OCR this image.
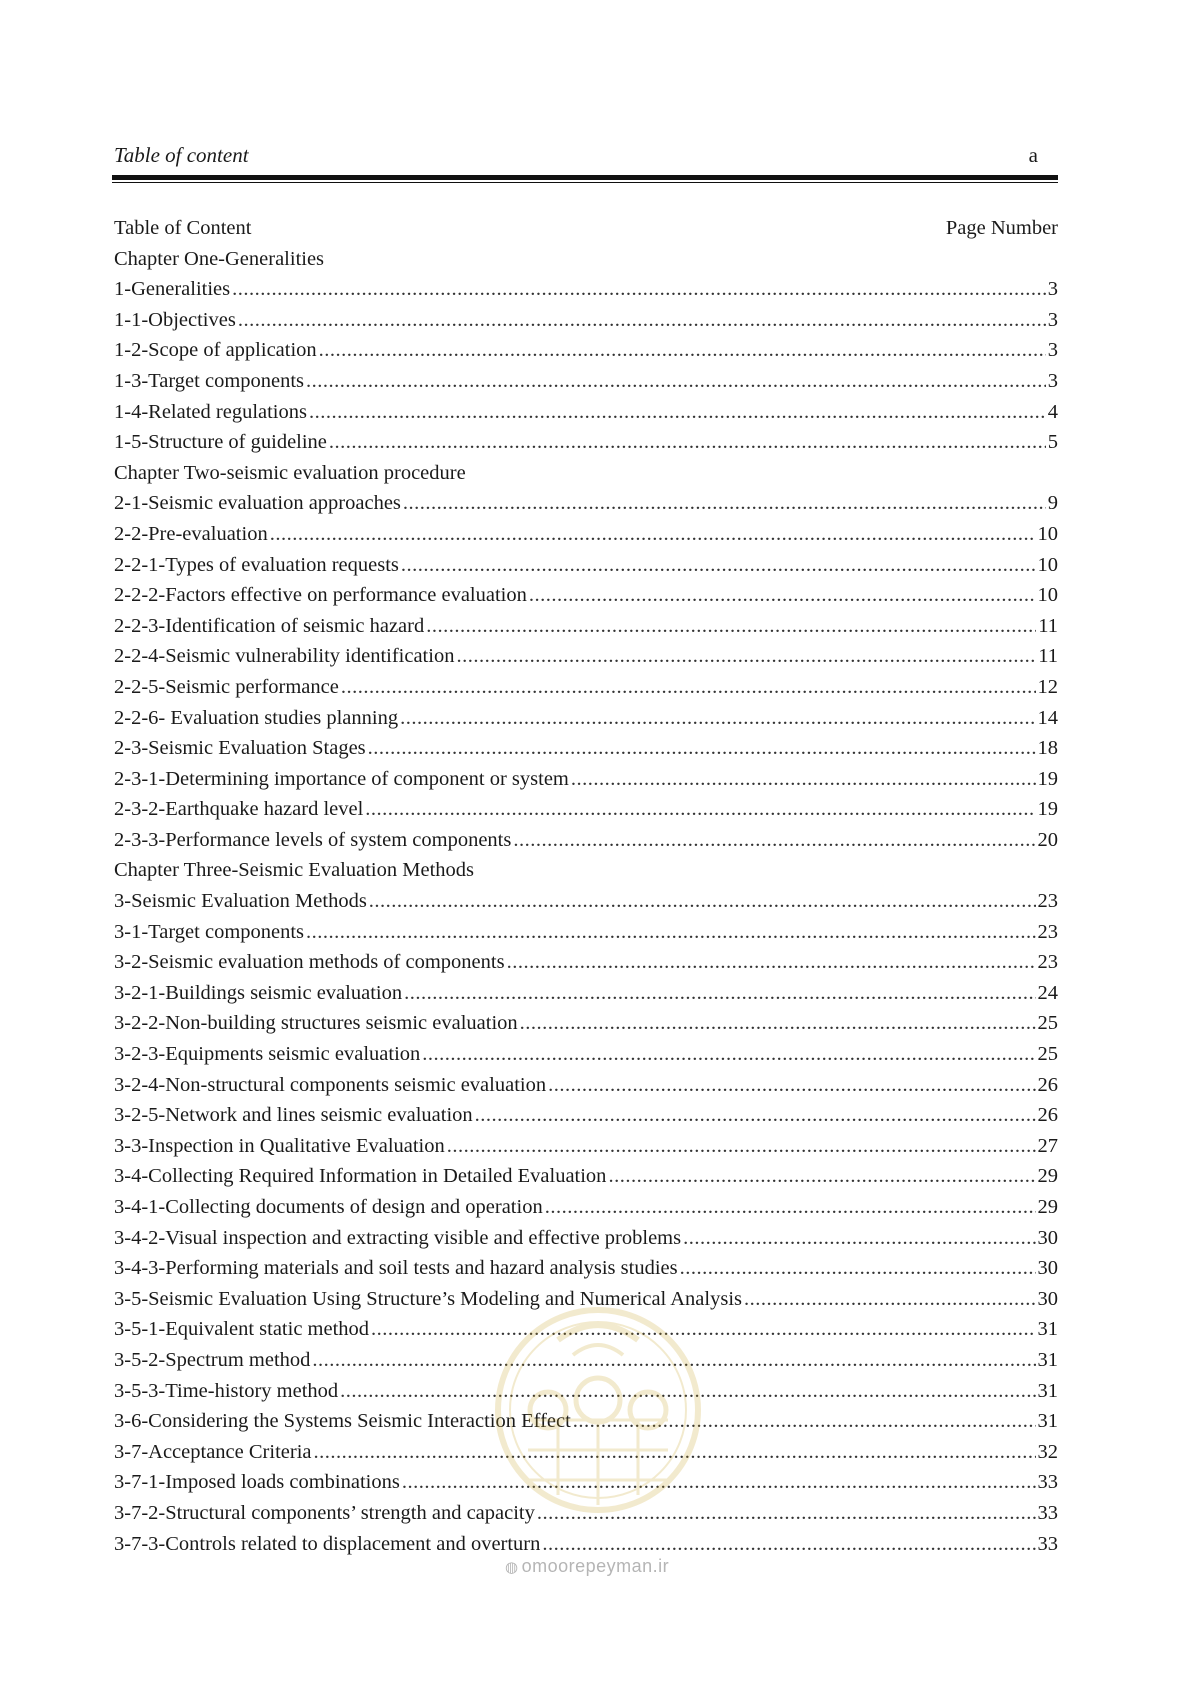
Table of content	a
Table of Content	Page Number
Chapter One-Generalities
1-Generalities .....	3
1-1-Objectives .....	3
1-2-Scope of application .....	3
1-3-Target components .....	3
1-4-Related regulations .....	4
1-5-Structure of guideline .....	5
Chapter Two-seismic evaluation procedure
2-1-Seismic evaluation approaches .....	9
2-2-Pre-evaluation .....	10
2-2-1-Types of evaluation requests .....	10
2-2-2-Factors effective on performance evaluation .....	10
2-2-3-Identification of seismic hazard .....	11
2-2-4-Seismic vulnerability identification .....	11
2-2-5-Seismic performance .....	12
2-2-6- Evaluation studies planning .....	14
2-3-Seismic Evaluation Stages .....	18
2-3-1-Determining importance of component or system .....	19
2-3-2-Earthquake hazard level .....	19
2-3-3-Performance levels of system components .....	20
Chapter Three-Seismic Evaluation Methods
3-Seismic Evaluation Methods .....	23
3-1-Target components .....	23
3-2-Seismic evaluation methods of components .....	23
3-2-1-Buildings seismic evaluation .....	24
3-2-2-Non-building structures seismic evaluation .....	25
3-2-3-Equipments seismic evaluation .....	25
3-2-4-Non-structural components seismic evaluation .....	26
3-2-5-Network and lines seismic evaluation .....	26
3-3-Inspection in Qualitative Evaluation .....	27
3-4-Collecting Required Information in Detailed Evaluation .....	29
3-4-1-Collecting documents of design and operation .....	29
3-4-2-Visual inspection and extracting visible and effective problems .....	30
3-4-3-Performing materials and soil tests and hazard analysis studies .....	30
3-5-Seismic Evaluation Using Structure’s Modeling and Numerical Analysis .....	30
3-5-1-Equivalent static method .....	31
3-5-2-Spectrum method .....	31
3-5-3-Time-history method .....	31
3-6-Considering the Systems Seismic Interaction Effect .....	31
3-7-Acceptance Criteria .....	32
3-7-1-Imposed loads combinations .....	33
3-7-2-Structural components’ strength and capacity .....	33
3-7-3-Controls related to displacement and overturn .....	33
◍ omoorepeyman.ir
